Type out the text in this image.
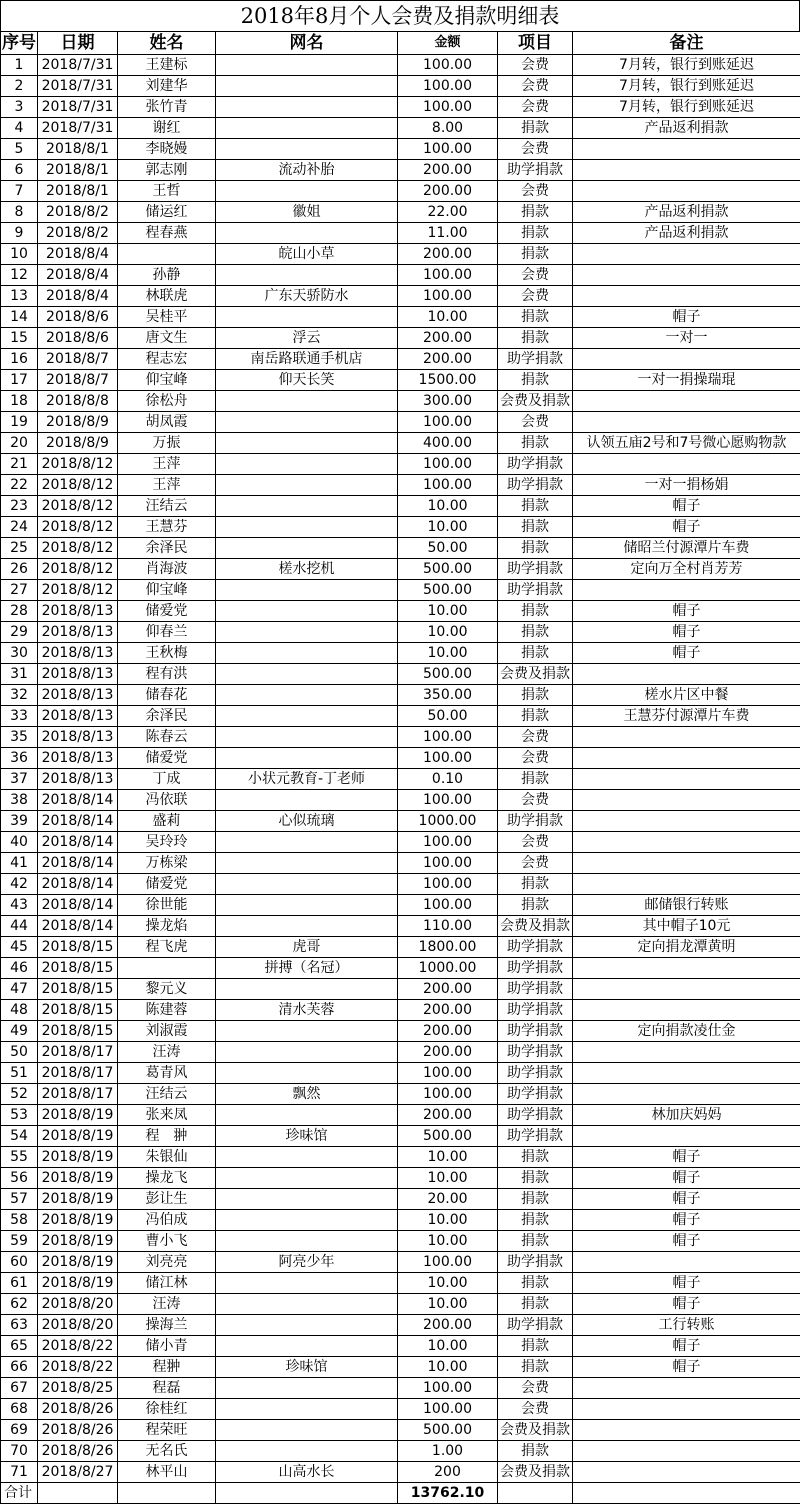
2018年8月个人会费及捐款明细表
序号	日期	姓名	网名	金额	项目	备注
1	2018/7/31	王建标		100.00	会费	7月转，银行到账延迟
2	2018/7/31	刘建华		100.00	会费	7月转，银行到账延迟
3	2018/7/31	张竹青		100.00	会费	7月转，银行到账延迟
4	2018/7/31	谢红		8.00	捐款	产品返利捐款
5	2018/8/1	李晓嫚		100.00	会费	
6	2018/8/1	郭志刚	流动补胎	200.00	助学捐款	
7	2018/8/1	王哲		200.00	会费	
8	2018/8/2	储运红	徽姐	22.00	捐款	产品返利捐款
9	2018/8/2	程春燕		11.00	捐款	产品返利捐款
10	2018/8/4		皖山小草	200.00	捐款	
12	2018/8/4	孙静		100.00	会费	
13	2018/8/4	林联虎	广东天骄防水	100.00	会费	
14	2018/8/6	吴桂平		10.00	捐款	帽子
15	2018/8/6	唐文生	浮云	200.00	捐款	一对一
16	2018/8/7	程志宏	南岳路联通手机店	200.00	助学捐款	
17	2018/8/7	仰宝峰	仰天长笑	1500.00	捐款	一对一捐操瑞琨
18	2018/8/8	徐松舟		300.00	会费及捐款	
19	2018/8/9	胡凤霞		100.00	会费	
20	2018/8/9	万振		400.00	捐款	认领五庙2号和7号微心愿购物款
21	2018/8/12	王萍		100.00	助学捐款	
22	2018/8/12	王萍		100.00	助学捐款	一对一捐杨娟
23	2018/8/12	汪结云		10.00	捐款	帽子
24	2018/8/12	王慧芬		10.00	捐款	帽子
25	2018/8/12	余泽民		50.00	捐款	储昭兰付源潭片车费
26	2018/8/12	肖海波	槎水挖机	500.00	助学捐款	定向万全村肖芳芳
27	2018/8/12	仰宝峰		500.00	助学捐款	
28	2018/8/13	储爱党		10.00	捐款	帽子
29	2018/8/13	仰春兰		10.00	捐款	帽子
30	2018/8/13	王秋梅		10.00	捐款	帽子
31	2018/8/13	程有洪		500.00	会费及捐款	
32	2018/8/13	储春花		350.00	捐款	槎水片区中餐
33	2018/8/13	余泽民		50.00	捐款	王慧芬付源潭片车费
35	2018/8/13	陈春云		100.00	会费	
36	2018/8/13	储爱党		100.00	会费	
37	2018/8/13	丁成	小状元教育-丁老师	0.10	捐款	
38	2018/8/14	冯依联		100.00	会费	
39	2018/8/14	盛莉	心似琉璃	1000.00	助学捐款	
40	2018/8/14	吴玲玲		100.00	会费	
41	2018/8/14	万栋梁		100.00	会费	
42	2018/8/14	储爱党		100.00	捐款	
43	2018/8/14	徐世能		100.00	捐款	邮储银行转账
44	2018/8/14	操龙焰		110.00	会费及捐款	其中帽子10元
45	2018/8/15	程飞虎	虎哥	1800.00	助学捐款	定向捐龙潭黄明
46	2018/8/15		拼搏（名冠）	1000.00	助学捐款	
47	2018/8/15	黎元义		200.00	助学捐款	
48	2018/8/15	陈建蓉	清水芙蓉	200.00	助学捐款	
49	2018/8/15	刘淑霞		200.00	助学捐款	定向捐款凌仕金
50	2018/8/17	汪涛		200.00	助学捐款	
51	2018/8/17	葛青风		100.00	助学捐款	
52	2018/8/17	汪结云	飘然	100.00	助学捐款	
53	2018/8/19	张来凤		200.00	助学捐款	林加庆妈妈
54	2018/8/19	程　翀	珍味馆	500.00	助学捐款	
55	2018/8/19	朱银仙		10.00	捐款	帽子
56	2018/8/19	操龙飞		10.00	捐款	帽子
57	2018/8/19	彭让生		20.00	捐款	帽子
58	2018/8/19	冯伯成		10.00	捐款	帽子
59	2018/8/19	曹小飞		10.00	捐款	帽子
60	2018/8/19	刘亮亮	阿亮少年	100.00	助学捐款	
61	2018/8/19	储江林		10.00	捐款	帽子
62	2018/8/20	汪涛		10.00	捐款	帽子
63	2018/8/20	操海兰		200.00	助学捐款	工行转账
65	2018/8/22	储小青		10.00	捐款	帽子
66	2018/8/22	程翀	珍味馆	10.00	捐款	帽子
67	2018/8/25	程磊		100.00	会费	
68	2018/8/26	徐桂红		100.00	会费	
69	2018/8/26	程荣旺		500.00	会费及捐款	
70	2018/8/26	无名氏		1.00	捐款	
71	2018/8/27	林平山	山高水长	200	会费及捐款	
合计				13762.10		
